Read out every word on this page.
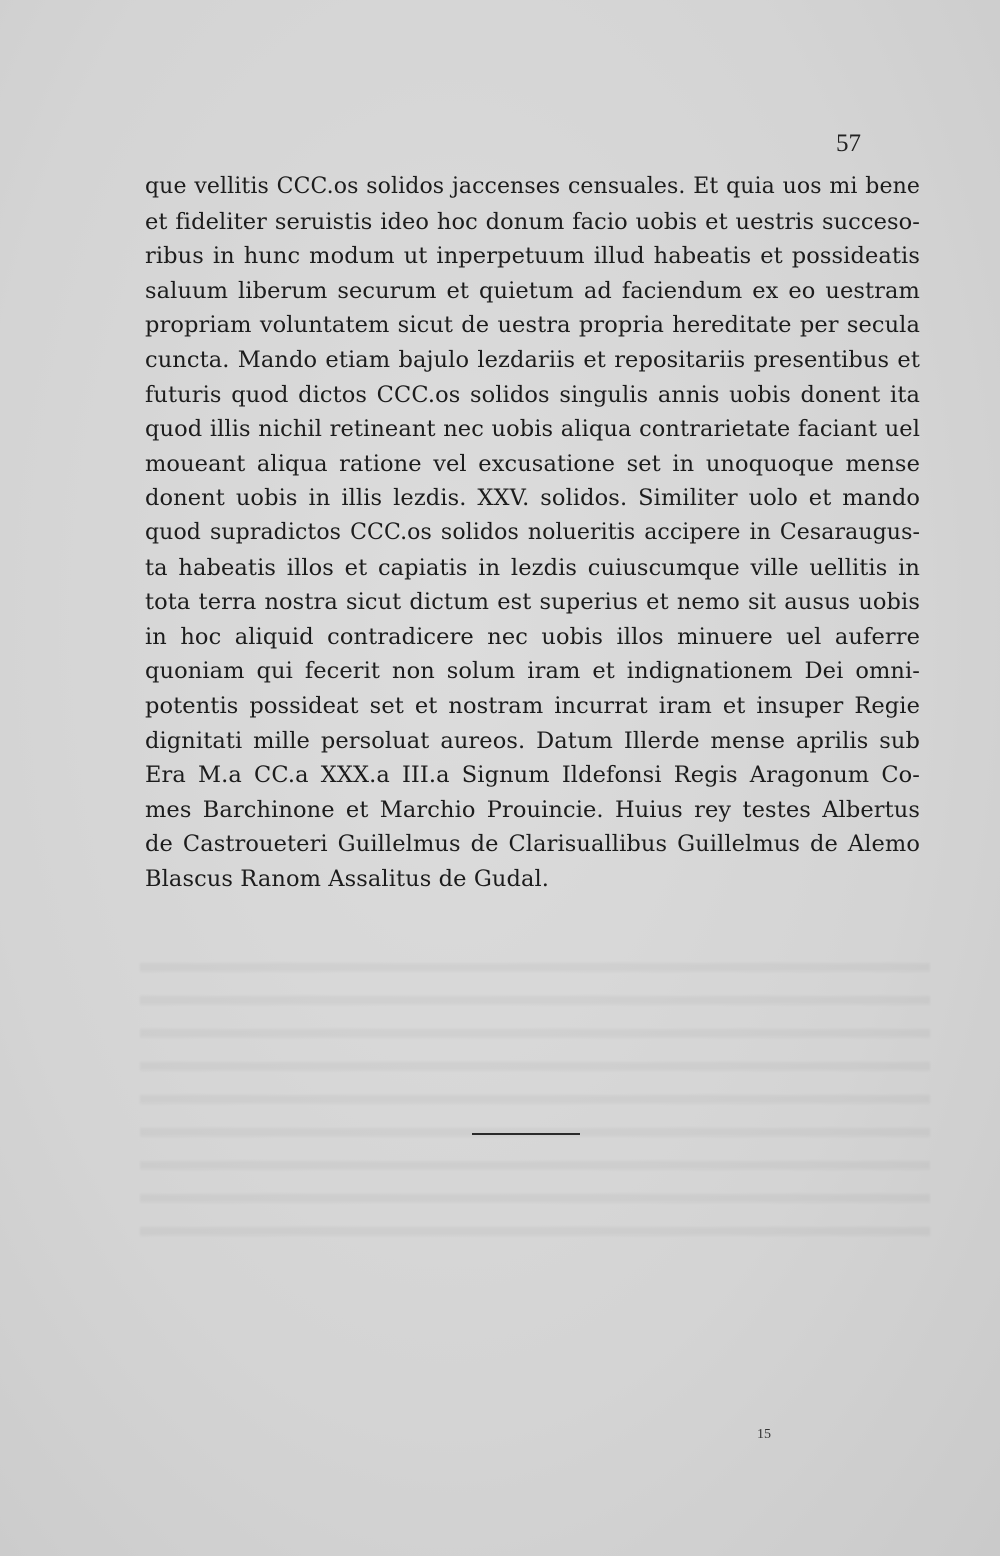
57
que vellitis CCC.os solidos jaccenses censuales. Et quia uos mi bene
et fideliter seruistis ideo hoc donum facio uobis et uestris succeso-
ribus in hunc modum ut inperpetuum illud habeatis et possideatis
saluum liberum securum et quietum ad faciendum ex eo uestram
propriam voluntatem sicut de uestra propria hereditate per secula
cuncta. Mando etiam bajulo lezdariis et repositariis presentibus et
futuris quod dictos CCC.os solidos singulis annis uobis donent ita
quod illis nichil retineant nec uobis aliqua contrarietate faciant uel
moueant aliqua ratione vel excusatione set in unoquoque mense
donent uobis in illis lezdis. XXV. solidos. Similiter uolo et mando
quod supradictos CCC.os solidos nolueritis accipere in Cesaraugus-
ta habeatis illos et capiatis in lezdis cuiuscumque ville uellitis in
tota terra nostra sicut dictum est superius et nemo sit ausus uobis
in hoc aliquid contradicere nec uobis illos minuere uel auferre
quoniam qui fecerit non solum iram et indignationem Dei omni-
potentis possideat set et nostram incurrat iram et insuper Regie
dignitati mille persoluat aureos. Datum Illerde mense aprilis sub
Era M.a CC.a XXX.a III.a Signum Ildefonsi Regis Aragonum Co-
mes Barchinone et Marchio Prouincie. Huius rey testes Albertus
de Castroueteri Guillelmus de Clarisuallibus Guillelmus de Alemo
Blascus Ranom Assalitus de Gudal.
15
